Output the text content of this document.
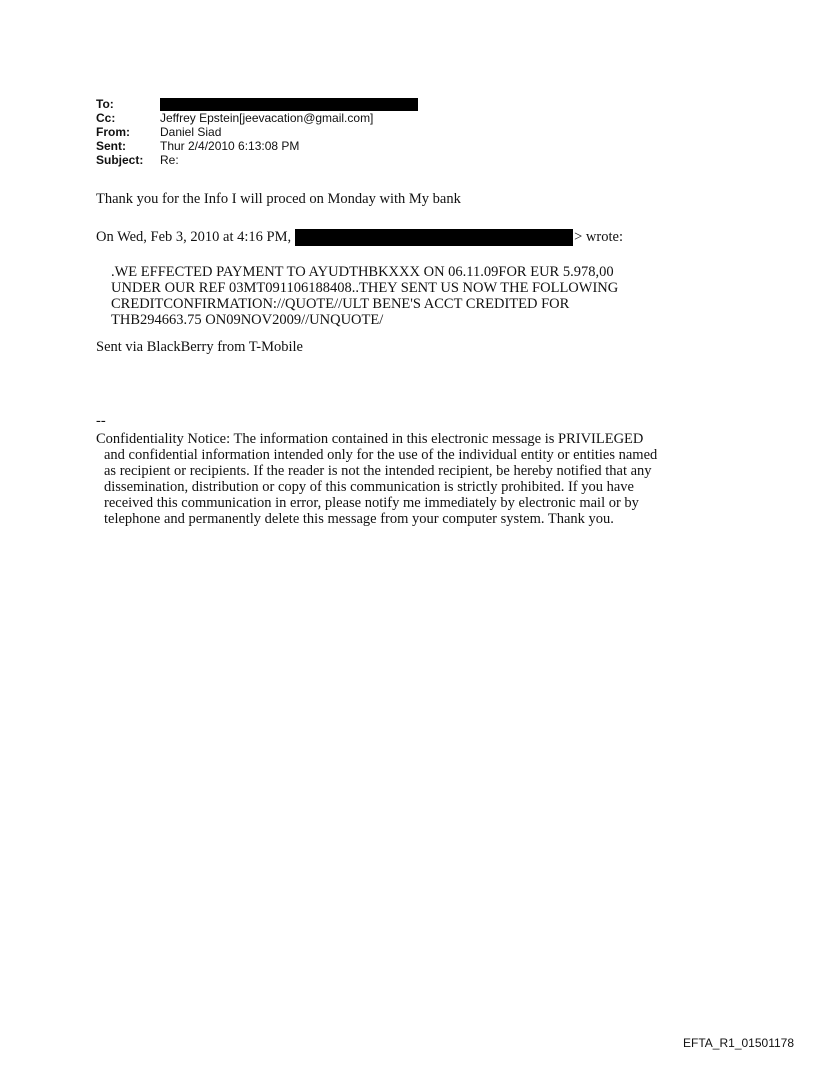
To:
Cc:	Jeffrey Epstein[jeevacation@gmail.com]
From:	Daniel Siad
Sent:	Thur 2/4/2010 6:13:08 PM
Subject:	Re:
Thank you for the Info I will proced on Monday with My bank
On Wed, Feb 3, 2010 at 4:16 PM,	> wrote:
.WE EFFECTED PAYMENT TO AYUDTHBKXXX ON 06.11.09FOR EUR 5.978,00
UNDER OUR REF 03MT091106188408..THEY SENT US NOW THE FOLLOWING
CREDITCONFIRMATION://QUOTE//ULT BENE'S ACCT CREDITED FOR
THB294663.75 ON09NOV2009//UNQUOTE/
Sent via BlackBerry from T-Mobile
--
Confidentiality Notice: The information contained in this electronic message is PRIVILEGED
and confidential information intended only for the use of the individual entity or entities named
as recipient or recipients. If the reader is not the intended recipient, be hereby notified that any
dissemination, distribution or copy of this communication is strictly prohibited. If you have
received this communication in error, please notify me immediately by electronic mail or by
telephone and permanently delete this message from your computer system. Thank you.
EFTA_R1_01501178
